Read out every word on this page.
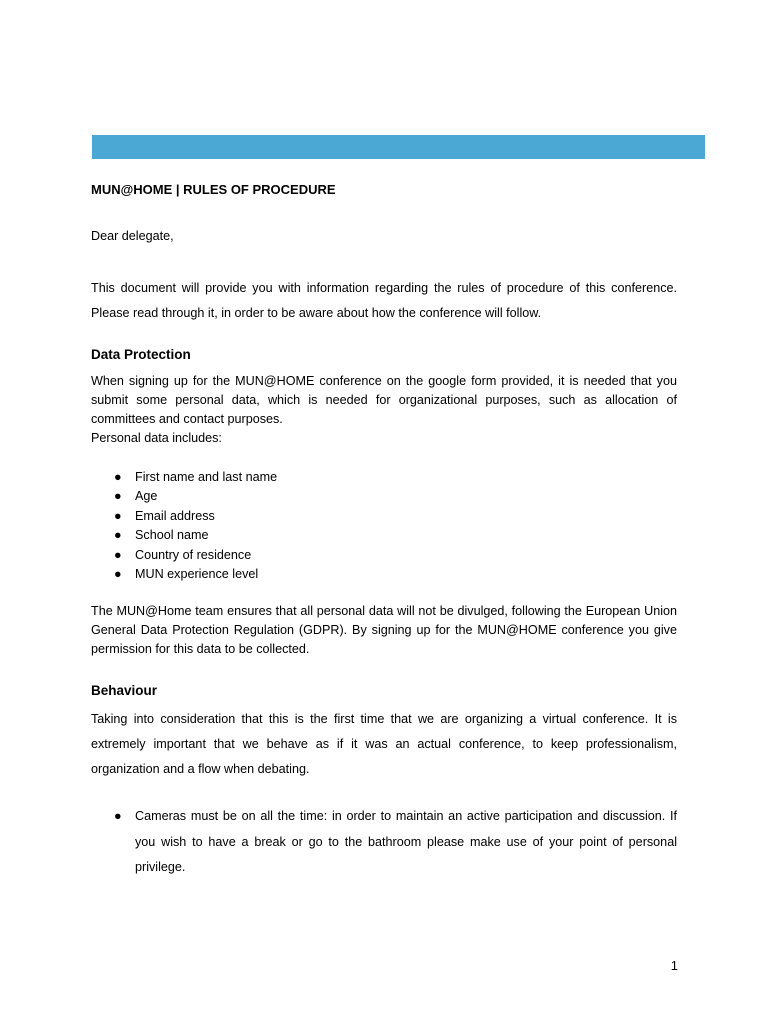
MUN@HOME | RULES OF PROCEDURE

Dear delegate,

This document will provide you with information regarding the rules of procedure of this conference. Please read through it, in order to be aware about how the conference will follow.

Data Protection

When signing up for the MUN@HOME conference on the google form provided, it is needed that you submit some personal data, which is needed for organizational purposes, such as allocation of committees and contact purposes.
Personal data includes:

● First name and last name
● Age
● Email address
● School name
● Country of residence
● MUN experience level

The MUN@Home team ensures that all personal data will not be divulged, following the European Union General Data Protection Regulation (GDPR). By signing up for the MUN@HOME conference you give permission for this data to be collected.

Behaviour

Taking into consideration that this is the first time that we are organizing a virtual conference. It is extremely important that we behave as if it was an actual conference, to keep professionalism, organization and a flow when debating.

● Cameras must be on all the time: in order to maintain an active participation and discussion. If you wish to have a break or go to the bathroom please make use of your point of personal privilege.
1
